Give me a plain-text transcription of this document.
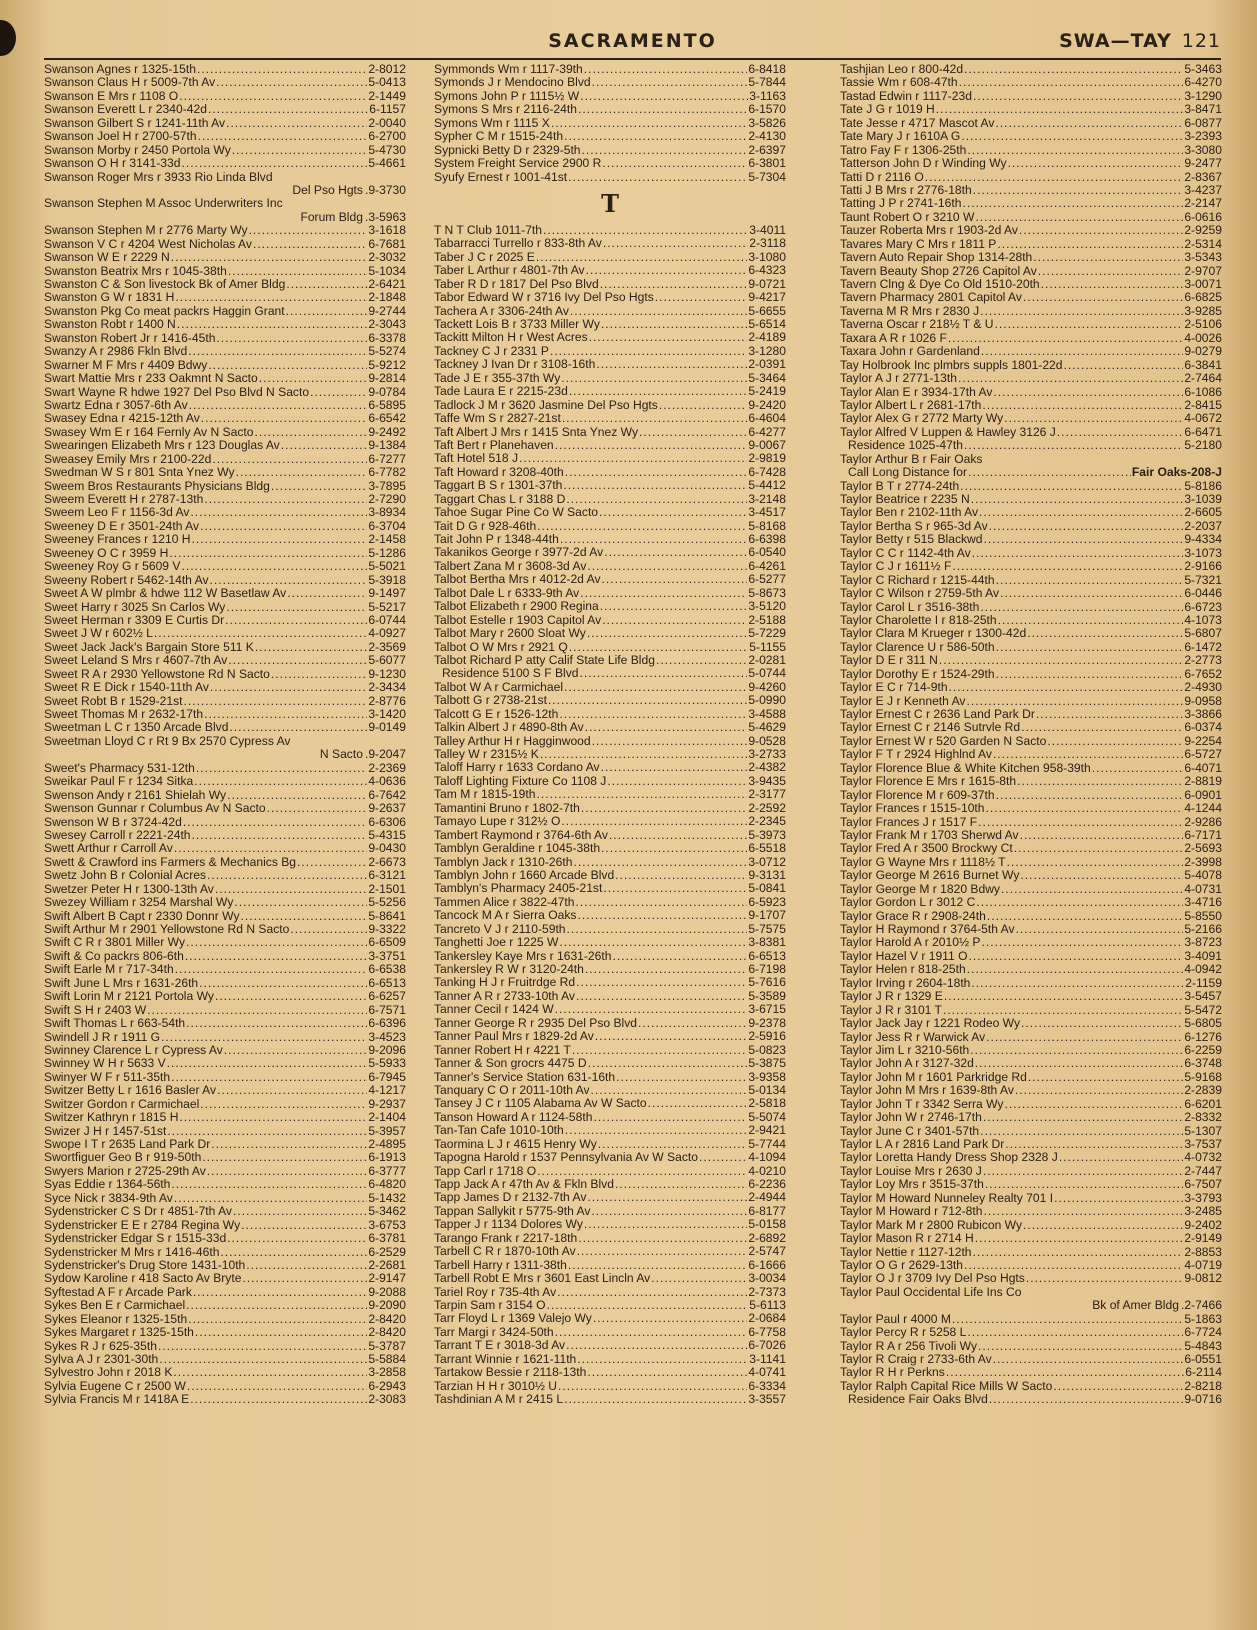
SACRAMENTO	SWA—TAY 121
Swanson Agnes r 1325-15th .....	2-8012
Swanson Claus H r 5009-7th Av .....	5-0413
Swanson E Mrs r 1108 O .....	2-1449
Swanson Everett L r 2340-42d .....	6-1157
Swanson Gilbert S r 1241-11th Av .....	2-0040
Swanson Joel H r 2700-57th .....	6-2700
Swanson Morby r 2450 Portola Wy .....	5-4730
Swanson O H r 3141-33d .....	5-4661
Swanson Roger Mrs r 3933 Rio Linda Blvd
Del Pso Hgts . 9-3730
Swanson Stephen M Assoc Underwriters Inc
Forum Bldg . 3-5963
Swanson Stephen M r 2776 Marty Wy .....	3-1618
Swanson V C r 4204 West Nicholas Av .....	6-7681
Swanson W E r 2229 N .....	2-3032
Swanston Beatrix Mrs r 1045-38th .....	5-1034
Swanston C & Son livestock Bk of Amer Bldg .....	2-6421
Swanston G W r 1831 H .....	2-1848
Swanston Pkg Co meat packrs Haggin Grant .....	9-2744
Swanston Robt r 1400 N .....	2-3043
Swanston Robert Jr r 1416-45th .....	6-3378
Swanzy A r 2986 Fkln Blvd .....	5-5274
Swarner M F Mrs r 4409 Bdwy .....	5-9212
Swart Mattie Mrs r 233 Oakmnt N Sacto .....	9-2814
Swart Wayne R hdwe 1927 Del Pso Blvd N Sacto .....	9-0784
Swartz Edna r 3057-6th Av .....	6-5895
Swasey Edna r 4215-12th Av .....	6-6542
Swasey Wm E r 164 Fernly Av N Sacto .....	9-2492
Swearingen Elizabeth Mrs r 123 Douglas Av .....	9-1384
Sweasey Emily Mrs r 2100-22d .....	6-7277
Swedman W S r 801 Snta Ynez Wy .....	6-7782
Sweem Bros Restaurants Physicians Bldg .....	3-7895
Sweem Everett H r 2787-13th .....	2-7290
Sweem Leo F r 1156-3d Av .....	3-8934
Sweeney D E r 3501-24th Av .....	6-3704
Sweeney Frances r 1210 H .....	2-1458
Sweeney O C r 3959 H .....	5-1286
Sweeney Roy G r 5609 V .....	5-5021
Sweeny Robert r 5462-14th Av .....	5-3918
Sweet A W plmbr & hdwe 112 W Basetlaw Av .....	9-1497
Sweet Harry r 3025 Sn Carlos Wy .....	5-5217
Sweet Herman r 3309 E Curtis Dr .....	6-0744
Sweet J W r 602½ L .....	4-0927
Sweet Jack Jack's Bargain Store 511 K .....	2-3569
Sweet Leland S Mrs r 4607-7th Av .....	5-6077
Sweet R A r 2930 Yellowstone Rd N Sacto .....	9-1230
Sweet R E Dick r 1540-11th Av .....	2-3434
Sweet Robt B r 1529-21st .....	2-8776
Sweet Thomas M r 2632-17th .....	3-1420
Sweetman L C r 1350 Arcade Blvd .....	9-0149
Sweetman Lloyd C r Rt 9 Bx 2570 Cypress Av
N Sacto . 9-2047
Sweet's Pharmacy 531-12th .....	2-2369
Sweikar Paul F r 1234 Sitka .....	4-0636
Swenson Andy r 2161 Shielah Wy .....	6-7642
Swenson Gunnar r Columbus Av N Sacto .....	9-2637
Swenson W B r 3724-42d .....	6-6306
Swesey Carroll r 2221-24th .....	5-4315
Swett Arthur r Carroll Av .....	9-0430
Swett & Crawford ins Farmers & Mechanics Bg .....	2-6673
Swetz John B r Colonial Acres .....	6-3121
Swetzer Peter H r 1300-13th Av .....	2-1501
Swezey William r 3254 Marshal Wy .....	5-5256
Swift Albert B Capt r 2330 Donnr Wy .....	5-8641
Swift Arthur M r 2901 Yellowstone Rd N Sacto .....	9-3322
Swift C R r 3801 Miller Wy .....	6-6509
Swift & Co packrs 806-6th .....	3-3751
Swift Earle M r 717-34th .....	6-6538
Swift June L Mrs r 1631-26th .....	6-6513
Swift Lorin M r 2121 Portola Wy .....	6-6257
Swift S H r 2403 W .....	6-7571
Swift Thomas L r 663-54th .....	6-6396
Swindell J R r 1911 G .....	3-4523
Swinney Clarence L r Cypress Av .....	9-2096
Swinney W H r 5633 V .....	5-5933
Swinyer W F r 511-35th .....	6-7945
Switzer Betty L r 1616 Basler Av .....	4-1217
Switzer Gordon r Carmichael .....	9-2937
Switzer Kathryn r 1815 H .....	2-1404
Swizer J H r 1457-51st .....	5-3957
Swope I T r 2635 Land Park Dr .....	2-4895
Swortfiguer Geo B r 919-50th .....	6-1913
Swyers Marion r 2725-29th Av .....	6-3777
Syas Eddie r 1364-56th .....	6-4820
Syce Nick r 3834-9th Av .....	5-1432
Sydenstricker C S Dr r 4851-7th Av .....	5-3462
Sydenstricker E E r 2784 Regina Wy .....	3-6753
Sydenstricker Edgar S r 1515-33d .....	6-3781
Sydenstricker M Mrs r 1416-46th .....	6-2529
Sydenstricker's Drug Store 1431-10th .....	2-2681
Sydow Karoline r 418 Sacto Av Bryte .....	2-9147
Syftestad A F r Arcade Park .....	9-2088
Sykes Ben E r Carmichael .....	9-2090
Sykes Eleanor r 1325-15th .....	2-8420
Sykes Margaret r 1325-15th .....	2-8420
Sykes R J r 625-35th .....	5-3787
Sylva A J r 2301-30th .....	5-5884
Sylvestro John r 2018 K .....	3-2858
Sylvia Eugene C r 2500 W .....	6-2943
Sylvia Francis M r 1418A E .....	2-3083
Symmonds Wm r 1117-39th .....	6-8418
Symonds J r Mendocino Blvd .....	5-7844
Symons John P r 1115½ W .....	3-1163
Symons S Mrs r 2116-24th .....	6-1570
Symons Wm r 1115 X .....	3-5826
Sypher C M r 1515-24th .....	2-4130
Sypnicki Betty D r 2329-5th .....	2-6397
System Freight Service 2900 R .....	6-3801
Syufy Ernest r 1001-41st .....	5-7304
T
T N T Club 1011-7th .....	3-4011
Tabarracci Turrello r 833-8th Av .....	2-3118
Taber J C r 2025 E .....	3-1080
Taber L Arthur r 4801-7th Av .....	6-4323
Taber R D r 1817 Del Pso Blvd .....	9-0721
Tabor Edward W r 3716 Ivy Del Pso Hgts .....	9-4217
Tachera A r 3306-24th Av .....	5-6655
Tackett Lois B r 3733 Miller Wy .....	5-6514
Tackitt Milton H r West Acres .....	2-4189
Tackney C J r 2331 P .....	3-1280
Tackney J Ivan Dr r 3108-16th .....	2-0391
Tade J E r 355-37th Wy .....	5-3464
Tade Laura E r 2215-23d .....	5-2419
Tadlock J M r 3620 Jasmine Del Pso Hgts .....	9-2420
Taffe Wm S r 2827-21st .....	6-4604
Taft Albert J Mrs r 1415 Snta Ynez Wy .....	6-4277
Taft Bert r Planehaven .....	9-0067
Taft Hotel 518 J .....	2-9819
Taft Howard r 3208-40th .....	6-7428
Taggart B S r 1301-37th .....	5-4412
Taggart Chas L r 3188 D .....	3-2148
Tahoe Sugar Pine Co W Sacto .....	3-4517
Tait D G r 928-46th .....	5-8168
Tait John P r 1348-44th .....	6-6398
Takanikos George r 3977-2d Av .....	6-0540
Talbert Zana M r 3608-3d Av .....	6-4261
Talbot Bertha Mrs r 4012-2d Av .....	6-5277
Talbot Dale L r 6333-9th Av .....	5-8673
Talbot Elizabeth r 2900 Regina .....	3-5120
Talbot Estelle r 1903 Capitol Av .....	2-5188
Talbot Mary r 2600 Sloat Wy .....	5-7229
Talbot O W Mrs r 2921 Q .....	5-1155
Talbot Richard P atty Calif State Life Bldg .....	2-0281
Residence 5100 S F Blvd .....	5-0744
Talbot W A r Carmichael .....	9-4260
Talbott G r 2738-21st .....	5-0990
Talcott G E r 1526-12th .....	3-4588
Talkin Albert J r 4890-8th Av .....	5-4629
Talley Arthur H r Hagginwood .....	9-0528
Talley W r 2315½ K .....	3-2733
Taloff Harry r 1633 Cordano Av .....	2-4382
Taloff Lighting Fixture Co 1108 J .....	3-9435
Tam M r 1815-19th .....	2-3177
Tamantini Bruno r 1802-7th .....	2-2592
Tamayo Lupe r 312½ O .....	2-2345
Tambert Raymond r 3764-6th Av .....	5-3973
Tamblyn Geraldine r 1045-38th .....	6-5518
Tamblyn Jack r 1310-26th .....	3-0712
Tamblyn John r 1660 Arcade Blvd .....	9-3131
Tamblyn's Pharmacy 2405-21st .....	5-0841
Tammen Alice r 3822-47th .....	6-5923
Tancock M A r Sierra Oaks .....	9-1707
Tancreto V J r 2110-59th .....	5-7575
Tanghetti Joe r 1225 W .....	3-8381
Tankersley Kaye Mrs r 1631-26th .....	6-6513
Tankersley R W r 3120-24th .....	6-7198
Tanking H J r Fruitrdge Rd .....	5-7616
Tanner A R r 2733-10th Av .....	5-3589
Tanner Cecil r 1424 W .....	3-6715
Tanner George R r 2935 Del Pso Blvd .....	9-2378
Tanner Paul Mrs r 1829-2d Av .....	2-5916
Tanner Robert H r 4221 T .....	5-0823
Tanner & Son grocrs 4475 D .....	5-3875
Tanner's Service Station 631-16th .....	3-9358
Tanquary C O r 2011-10th Av .....	5-0134
Tansey J C r 1105 Alabama Av W Sacto .....	2-5818
Tanson Howard A r 1124-58th .....	5-5074
Tan-Tan Cafe 1010-10th .....	2-9421
Taormina L J r 4615 Henry Wy .....	5-7744
Tapogna Harold r 1537 Pennsylvania Av W Sacto .....	4-1094
Tapp Carl r 1718 O .....	4-0210
Tapp Jack A r 47th Av & Fkln Blvd .....	6-2236
Tapp James D r 2132-7th Av .....	2-4944
Tappan Sallykit r 5775-9th Av .....	6-8177
Tapper J r 1134 Dolores Wy .....	5-0158
Tarango Frank r 2217-18th .....	2-6892
Tarbell C R r 1870-10th Av .....	2-5747
Tarbell Harry r 1311-38th .....	6-1666
Tarbell Robt E Mrs r 3601 East Lincln Av .....	3-0034
Tariel Roy r 735-4th Av .....	2-7373
Tarpin Sam r 3154 O .....	5-6113
Tarr Floyd L r 1369 Valejo Wy .....	2-0684
Tarr Margi r 3424-50th .....	6-7758
Tarrant T E r 3018-3d Av .....	6-7026
Tarrant Winnie r 1621-11th .....	3-1141
Tartakow Bessie r 2118-13th .....	4-0741
Tarzian H H r 3010½ U .....	6-3334
Tashdinian A M r 2415 L .....	3-3557
Tashjian Leo r 800-42d .....	5-3463
Tassie Wm r 608-47th .....	6-4270
Tastad Edwin r 1117-23d .....	3-1290
Tate J G r 1019 H .....	3-8471
Tate Jesse r 4717 Mascot Av .....	6-0877
Tate Mary J r 1610A G .....	3-2393
Tatro Fay F r 1306-25th .....	3-3080
Tatterson John D r Winding Wy .....	9-2477
Tatti D r 2116 O .....	2-8367
Tatti J B Mrs r 2776-18th .....	3-4237
Tatting J P r 2741-16th .....	2-2147
Taunt Robert O r 3210 W .....	6-0616
Tauzer Roberta Mrs r 1903-2d Av .....	2-9259
Tavares Mary C Mrs r 1811 P .....	2-5314
Tavern Auto Repair Shop 1314-28th .....	3-5343
Tavern Beauty Shop 2726 Capitol Av .....	2-9707
Tavern Clng & Dye Co Old 1510-20th .....	3-0071
Tavern Pharmacy 2801 Capitol Av .....	6-6825
Taverna M R Mrs r 2830 J .....	3-9285
Taverna Oscar r 218½ T & U .....	2-5106
Taxara A R r 1026 F .....	4-0026
Taxara John r Gardenland .....	9-0279
Tay Holbrook Inc plmbrs suppls 1801-22d .....	6-3841
Taylor A J r 2771-13th .....	2-7464
Taylor Alan E r 3934-17th Av .....	6-1086
Taylor Albert L r 2681-17th .....	2-8415
Taylor Alex G r 2772 Marty Wy .....	4-0672
Taylor Alfred V Luppen & Hawley 3126 J .....	6-6471
Residence 1025-47th .....	5-2180
Taylor Arthur B r Fair Oaks
Call Long Distance for .....	Fair Oaks-208-J
Taylor B T r 2774-24th .....	5-8186
Taylor Beatrice r 2235 N .....	3-1039
Taylor Ben r 2102-11th Av .....	2-6605
Taylor Bertha S r 965-3d Av .....	2-2037
Taylor Betty r 515 Blackwd .....	9-4334
Taylor C C r 1142-4th Av .....	3-1073
Taylor C J r 1611½ F .....	2-9166
Taylor C Richard r 1215-44th .....	5-7321
Taylor C Wilson r 2759-5th Av .....	6-0446
Taylor Carol L r 3516-38th .....	6-6723
Taylor Charolette I r 818-25th .....	4-1073
Taylor Clara M Krueger r 1300-42d .....	5-6807
Taylor Clarence U r 586-50th .....	6-1472
Taylor D E r 311 N .....	2-2773
Taylor Dorothy E r 1524-29th .....	6-7652
Taylor E C r 714-9th .....	2-4930
Taylor E J r Kenneth Av .....	9-0958
Taylor Ernest C r 2636 Land Park Dr .....	3-3866
Taylor Ernest C r 2146 Sutrvle Rd .....	6-0374
Taylor Ernest W r 520 Garden N Sacto .....	9-2254
Taylor F T r 2924 Highlnd Av .....	6-5727
Taylor Florence Blue & White Kitchen 958-39th .....	6-4071
Taylor Florence E Mrs r 1615-8th .....	2-8819
Taylor Florence M r 609-37th .....	6-0901
Taylor Frances r 1515-10th .....	4-1244
Taylor Frances J r 1517 F .....	2-9286
Taylor Frank M r 1703 Sherwd Av .....	6-7171
Taylor Fred A r 3500 Brockwy Ct .....	2-5693
Taylor G Wayne Mrs r 1118½ T .....	2-3998
Taylor George M 2616 Burnet Wy .....	5-4078
Taylor George M r 1820 Bdwy .....	4-0731
Taylor Gordon L r 3012 C .....	3-4716
Taylor Grace R r 2908-24th .....	5-8550
Taylor H Raymond r 3764-5th Av .....	5-2166
Taylor Harold A r 2010½ P .....	3-8723
Taylor Hazel V r 1911 O .....	3-4091
Taylor Helen r 818-25th .....	4-0942
Taylor Irving r 2604-18th .....	2-1159
Taylor J R r 1329 E .....	3-5457
Taylor J R r 3101 T .....	5-5472
Taylor Jack Jay r 1221 Rodeo Wy .....	5-6805
Taylor Jess R r Warwick Av .....	6-1276
Taylor Jim L r 3210-56th .....	6-2259
Taylor John A r 3127-32d .....	6-3748
Taylor John M r 1601 Parkridge Rd .....	5-9168
Taylor John M Mrs r 1639-8th Av .....	2-2839
Taylor John T r 3342 Serra Wy .....	6-6201
Taylor John W r 2746-17th .....	2-8332
Taylor June C r 3401-57th .....	5-1307
Taylor L A r 2816 Land Park Dr .....	3-7537
Taylor Loretta Handy Dress Shop 2328 J .....	4-0732
Taylor Louise Mrs r 2630 J .....	2-7447
Taylor Loy Mrs r 3515-37th .....	6-7507
Taylor M Howard Nunneley Realty 701 I .....	3-3793
Taylor M Howard r 712-8th .....	3-2485
Taylor Mark M r 2800 Rubicon Wy .....	9-2402
Taylor Mason R r 2714 H .....	2-9149
Taylor Nettie r 1127-12th .....	2-8853
Taylor O G r 2629-13th .....	4-0719
Taylor O J r 3709 Ivy Del Pso Hgts .....	9-0812
Taylor Paul Occidental Life Ins Co
Bk of Amer Bldg . 2-7466
Taylor Paul r 4000 M .....	5-1863
Taylor Percy R r 5258 L .....	6-7724
Taylor R A r 256 Tivoli Wy .....	5-4843
Taylor R Craig r 2733-6th Av .....	6-0551
Taylor R H r Perkns .....	6-2114
Taylor Ralph Capital Rice Mills W Sacto .....	2-8218
Residence Fair Oaks Blvd .....	9-0716
